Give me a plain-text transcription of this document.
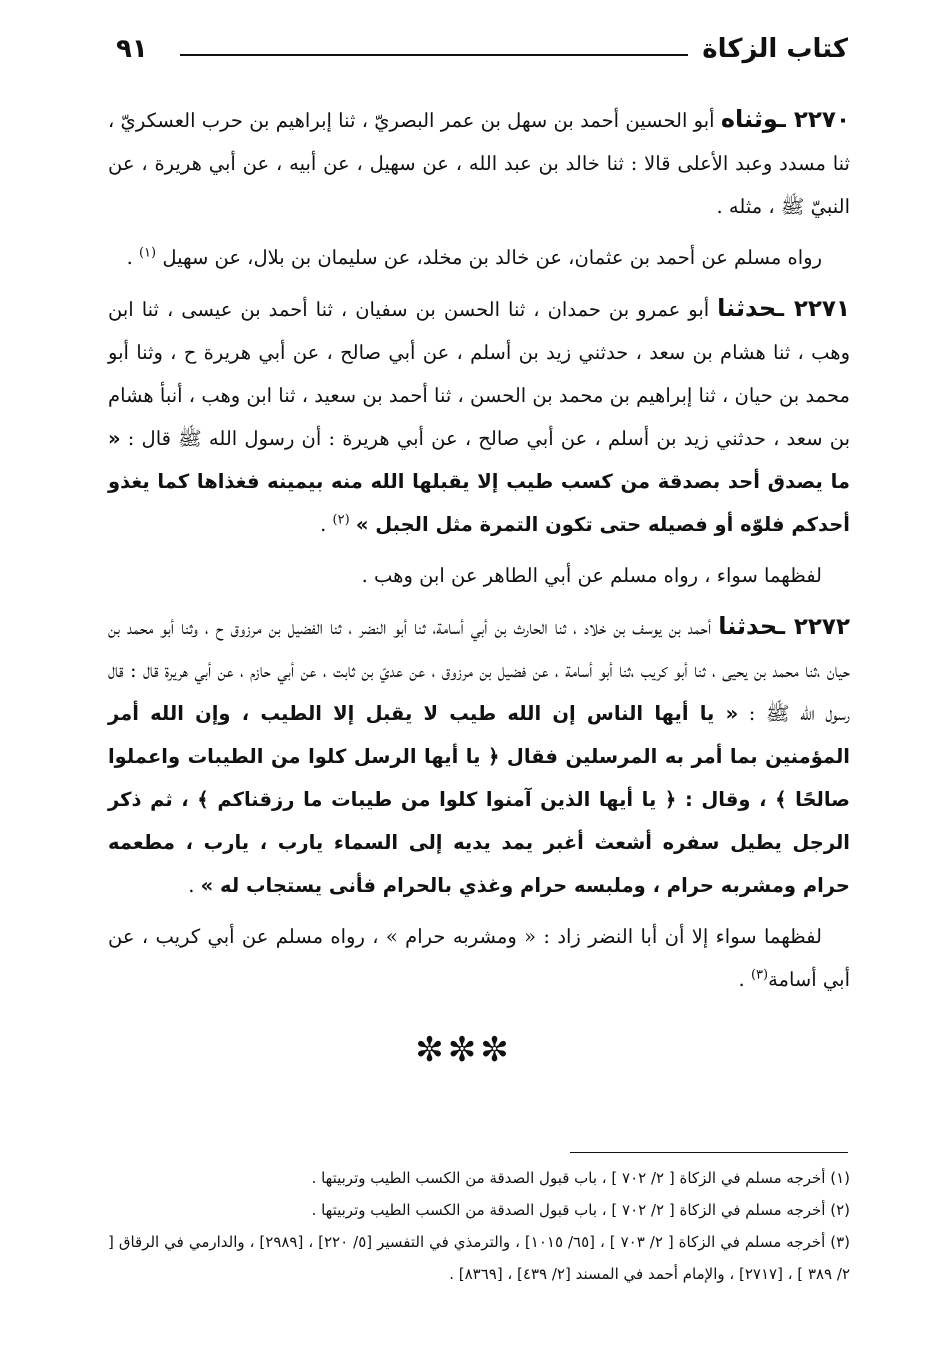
كتاب الزكاة
٩١

٢٢٧٠ ـوثناه أبو الحسين أحمد بن سهل بن عمر البصريّ ، ثنا إبراهيم بن حرب العسكريّ ، ثنا مسدد وعبد الأعلى قالا : ثنا خالد بن عبد الله ، عن سهيل ، عن أبيه ، عن أبي هريرة ، عن النبيّ ﷺ ، مثله .

رواه مسلم عن أحمد بن عثمان، عن خالد بن مخلد، عن سليمان بن بلال، عن سهيل $^{(١)}$ .

٢٢٧١ ـحدثنا أبو عمرو بن حمدان ، ثنا الحسن بن سفيان ، ثنا أحمد بن عيسى ، ثنا ابن وهب ، ثنا هشام بن سعد ، حدثني زيد بن أسلم ، عن أبي صالح ، عن أبي هريرة ح ، وثنا أبو محمد بن حيان ، ثنا إبراهيم بن محمد بن الحسن ، ثنا أحمد بن سعيد ، ثنا ابن وهب ، أنبأ هشام بن سعد ، حدثني زيد بن أسلم ، عن أبي صالح ، عن أبي هريرة : أن رسول الله ﷺ قال : « ما يصدق أحد بصدقة من كسب طيب إلا يقبلها الله منه بيمينه فغذاها كما يغذو أحدكم فلوّه أو فصيله حتى تكون التمرة مثل الجبل » $^{(٢)}$ .

لفظهما سواء ، رواه مسلم عن أبي الطاهر عن ابن وهب .

٢٢٧٢ ـحدثنا أحمد بن يوسف بن خلاد ، ثنا الحارث بن أبي أسامة، ثنا أبو النضر ، ثنا الفضيل بن مرزوق ح ، وثنا أبو محمد بن حيان ،ثنا محمد بن يحيى ، ثنا أبو كريب ،ثنا أبو أسامة ، عن فضيل بن مرزوق ، عن عديّ بن ثابت ، عن أبي حازم ، عن أبي هريرة قال : قال رسول الله ﷺ : « يا أيها الناس إن الله طيب لا يقبل إلا الطيب ، وإن الله أمر المؤمنين بما أمر به المرسلين فقال ﴿ يا أيها الرسل كلوا من الطيبات واعملوا صالحًا ﴾ ، وقال : ﴿ يا أيها الذين آمنوا كلوا من طيبات ما رزقناكم ﴾ ، ثم ذكر الرجل يطيل سفره أشعث أغبر يمد يديه إلى السماء يارب ، يارب ، مطعمه حرام ومشربه حرام ، وملبسه حرام وغذي بالحرام فأنى يستجاب له » .

لفظهما سواء إلا أن أبا النضر زاد : « ومشربه حرام » ، رواه مسلم عن أبي كريب ، عن أبي أسامة$^{(٣)}$ .

✼✼✼

(١) أخرجه مسلم في الزكاة [ ٢/ ٧٠٢ ] ، باب قبول الصدقة من الكسب الطيب وتربيتها .

(٢) أخرجه مسلم في الزكاة [ ٢/ ٧٠٢ ] ، باب قبول الصدقة من الكسب الطيب وتربيتها .

(٣) أخرجه مسلم في الزكاة [ ٢/ ٧٠٣ ] ، [٦٥/ ١٠١٥] ، والترمذي في التفسير [٥/ ٢٢٠] ، [٢٩٨٩] ، والدارمي في الرقاق [ ٢/ ٣٨٩ ] ، [٢٧١٧] ، والإمام أحمد في المسند [٢/ ٤٣٩] ، [٨٣٦٩] .
